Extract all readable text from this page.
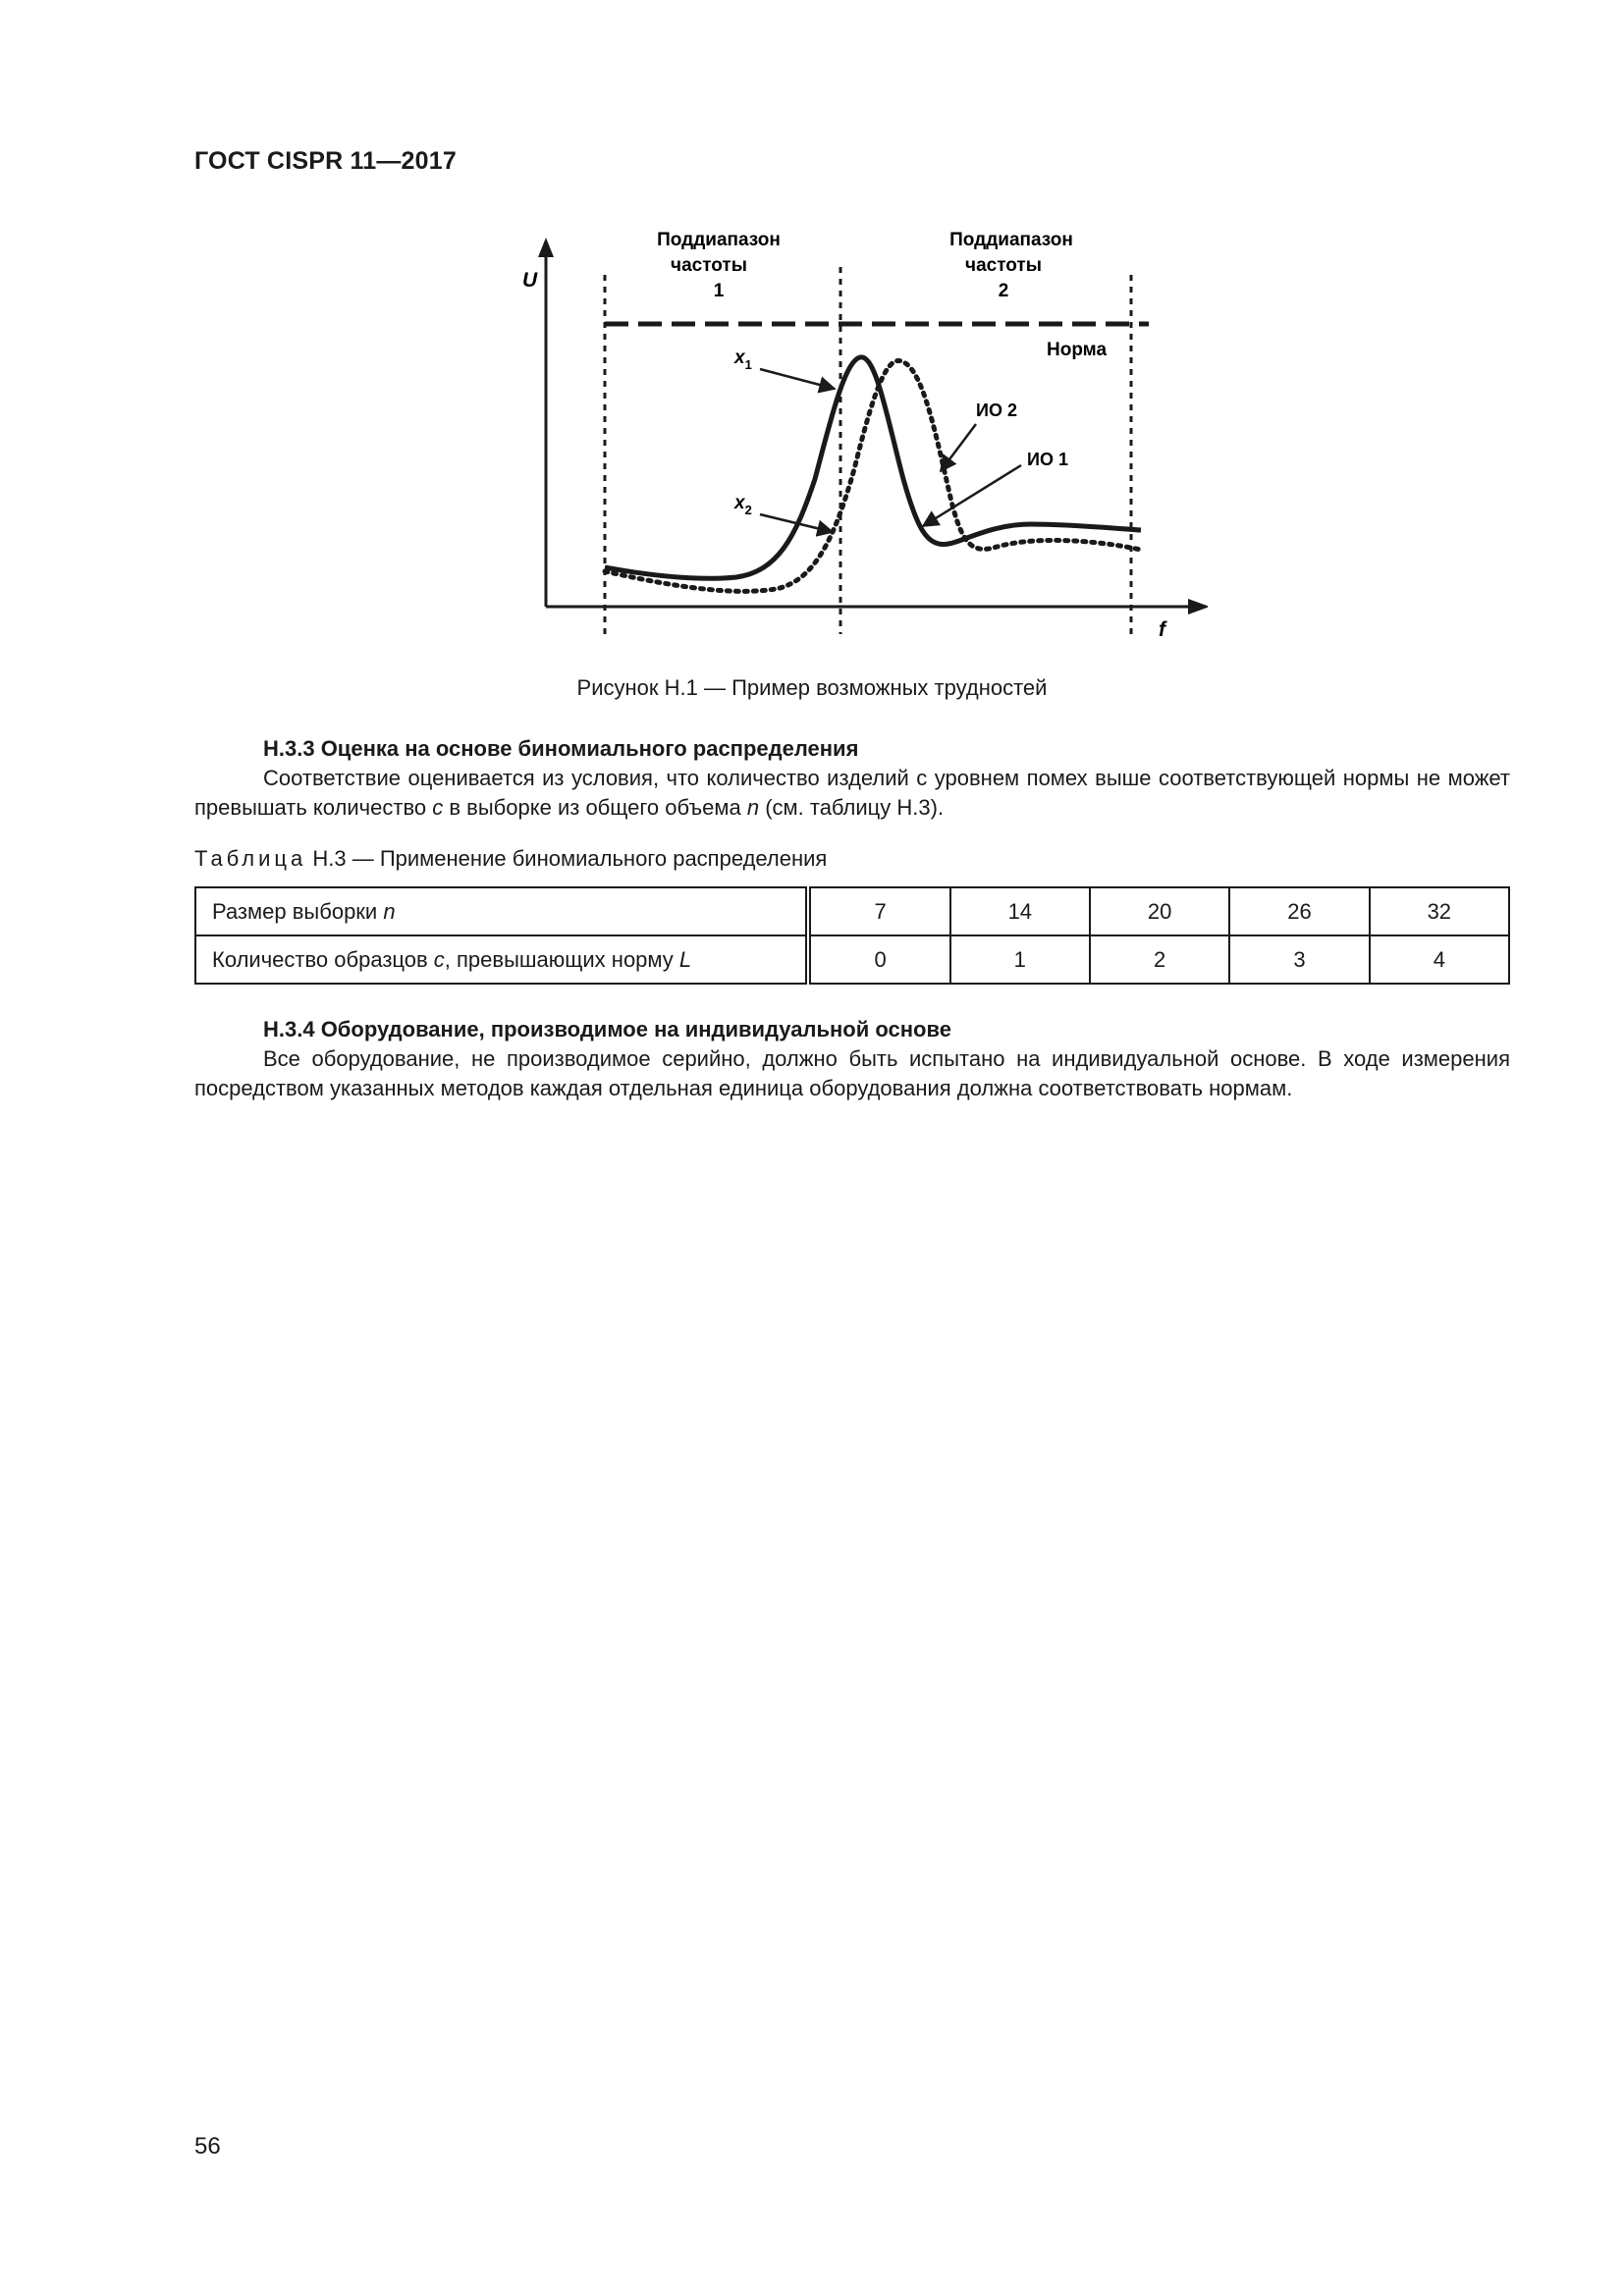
ГОСТ CISPR 11—2017
U
f
Норма
Поддиапазон
частоты
1
Поддиапазон
частоты
2
$x_1$
$x_2$
ИО 2
ИО 1
Рисунок Н.1 — Пример возможных трудностей
Н.3.3 Оценка на основе биномиального распределения
Соответствие оценивается из условия, что количество изделий с уровнем помех выше соответствующей нормы не может превышать количество c в выборке из общего объема n (см. таблицу Н.3).
Таблица Н.3 — Применение биномиального распределения
Размер выборки n	7	14	20	26	32
Количество образцов c, превышающих норму L	0	1	2	3	4
Н.3.4 Оборудование, производимое на индивидуальной основе
Все оборудование, не производимое серийно, должно быть испытано на индивидуальной основе. В ходе измерения посредством указанных методов каждая отдельная единица оборудования должна соответствовать нормам.
56
